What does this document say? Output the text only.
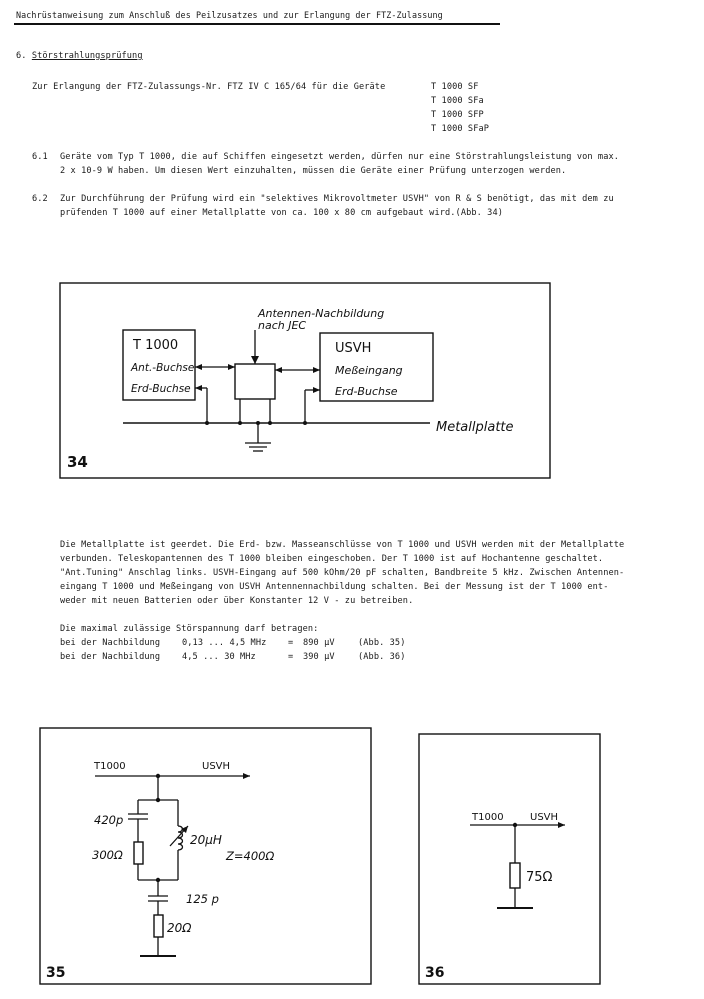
Nachrüstanweisung zum Anschluß des Peilzusatzes und zur Erlangung der FTZ-Zulassung
6. Störstrahlungsprüfung
Zur Erlangung der FTZ-Zulassungs-Nr. FTZ IV C 165/64 für die Geräte	T 1000 SF
T 1000 SFa
T 1000 SFP
T 1000 SFaP
6.1 Geräte vom Typ T 1000, die auf Schiffen eingesetzt werden, dürfen nur eine Störstrahlungsleistung von max.
2 x 10-9 W haben. Um diesen Wert einzuhalten, müssen die Geräte einer Prüfung unterzogen werden.
6.2 Zur Durchführung der Prüfung wird ein "selektives Mikrovoltmeter USVH" von R & S benötigt, das mit dem zu
prüfenden T 1000 auf einer Metallplatte von ca. 100 x 80 cm aufgebaut wird.(Abb. 34)
Antennen-Nachbildung
nach JEC
T 1000
Ant.-Buchse
Erd-Buchse
USVH
Meßeingang
Erd-Buchse
Metallplatte
34
T1000	USVH
420p
300Ω
20μH
Z=400Ω
125 p
20Ω
35
T1000	USVH
75Ω
36
Die Metallplatte ist geerdet. Die Erd- bzw. Masseanschlüsse von T 1000 und USVH werden mit der Metallplatte
verbunden. Teleskopantennen des T 1000 bleiben eingeschoben. Der T 1000 ist auf Hochantenne geschaltet.
"Ant.Tuning" Anschlag links. USVH-Eingang auf 500 kOhm/20 pF schalten, Bandbreite 5 kHz. Zwischen Antennen-
eingang T 1000 und Meßeingang von USVH Antennennachbildung schalten. Bei der Messung ist der T 1000 ent-
weder mit neuen Batterien oder über Konstanter 12 V - zu betreiben.
Die maximal zulässige Störspannung darf betragen:
bei der Nachbildung	0,13 ... 4,5 MHz	= 890 μV	(Abb. 35)
bei der Nachbildung	4,5 ... 30 MHz	= 390 μV	(Abb. 36)
